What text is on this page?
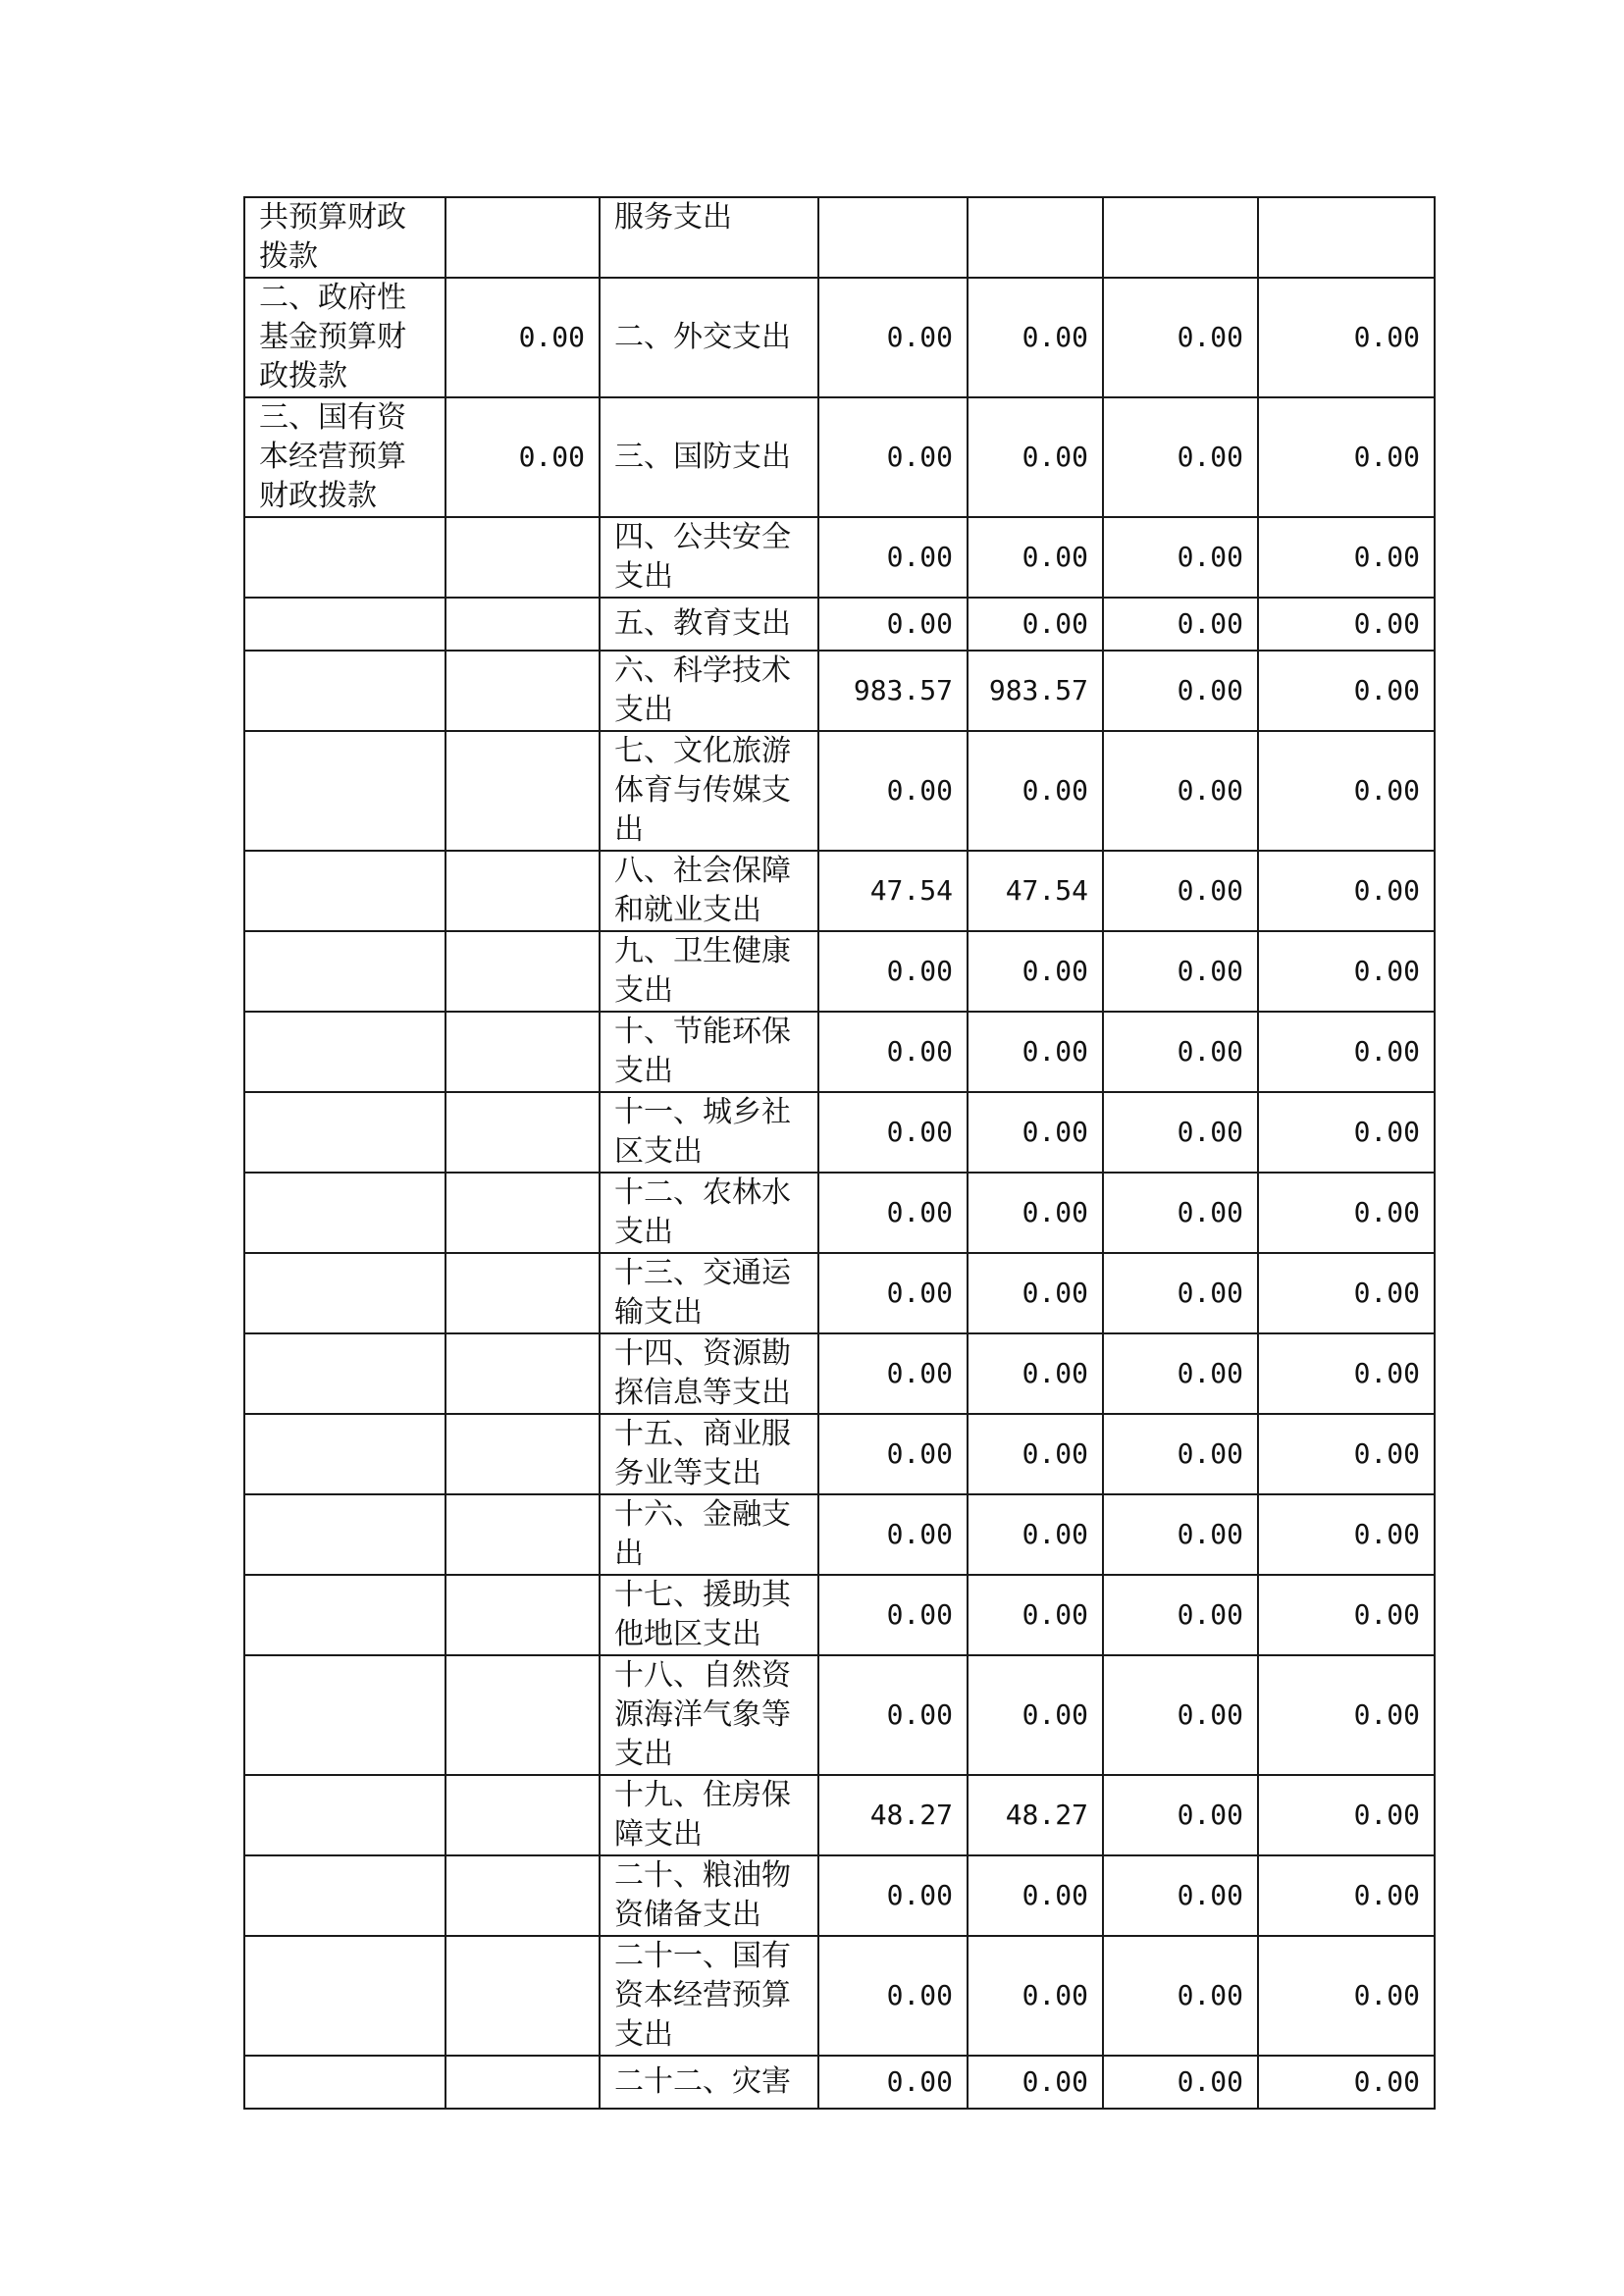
共预算财政拨款		服务支出				
二、政府性基金预算财政拨款	0.00	二、外交支出	0.00	0.00	0.00	0.00
三、国有资本经营预算财政拨款	0.00	三、国防支出	0.00	0.00	0.00	0.00
		四、公共安全支出	0.00	0.00	0.00	0.00
		五、教育支出	0.00	0.00	0.00	0.00
		六、科学技术支出	983.57	983.57	0.00	0.00
		七、文化旅游体育与传媒支出	0.00	0.00	0.00	0.00
		八、社会保障和就业支出	47.54	47.54	0.00	0.00
		九、卫生健康支出	0.00	0.00	0.00	0.00
		十、节能环保支出	0.00	0.00	0.00	0.00
		十一、城乡社区支出	0.00	0.00	0.00	0.00
		十二、农林水支出	0.00	0.00	0.00	0.00
		十三、交通运输支出	0.00	0.00	0.00	0.00
		十四、资源勘探信息等支出	0.00	0.00	0.00	0.00
		十五、商业服务业等支出	0.00	0.00	0.00	0.00
		十六、金融支出	0.00	0.00	0.00	0.00
		十七、援助其他地区支出	0.00	0.00	0.00	0.00
		十八、自然资源海洋气象等支出	0.00	0.00	0.00	0.00
		十九、住房保障支出	48.27	48.27	0.00	0.00
		二十、粮油物资储备支出	0.00	0.00	0.00	0.00
		二十一、国有资本经营预算支出	0.00	0.00	0.00	0.00
		二十二、灾害	0.00	0.00	0.00	0.00
